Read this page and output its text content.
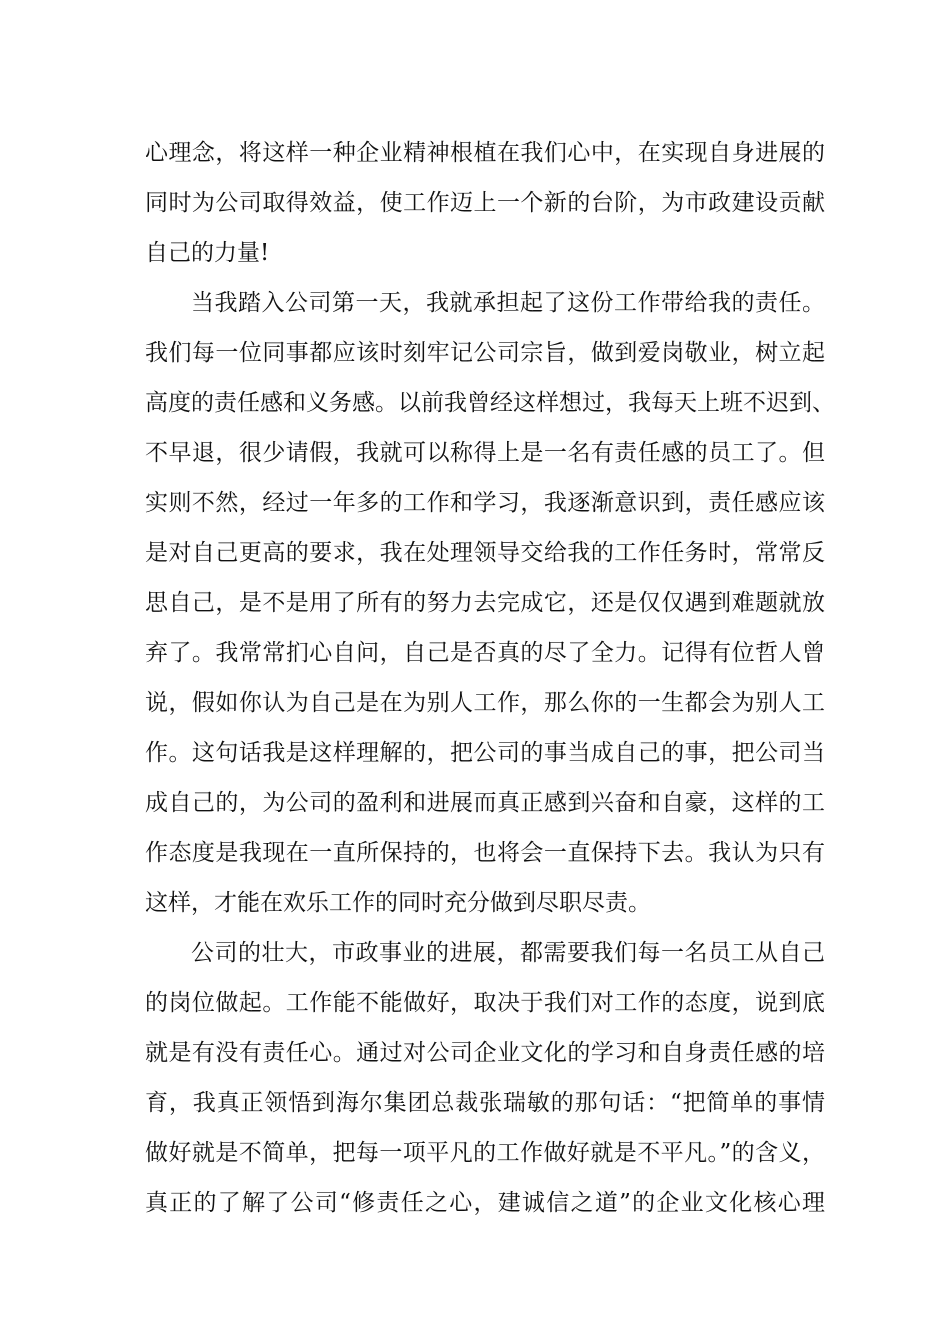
心理念，将这样一种企业精神根植在我们心中，在实现自身进展的
同时为公司取得效益，使工作迈上一个新的台阶，为市政建设贡献
自己的力量!
当我踏入公司第一天，我就承担起了这份工作带给我的责任。
我们每一位同事都应该时刻牢记公司宗旨，做到爱岗敬业，树立起
高度的责任感和义务感。以前我曾经这样想过，我每天上班不迟到、
不早退，很少请假，我就可以称得上是一名有责任感的员工了。但
实则不然，经过一年多的工作和学习，我逐渐意识到，责任感应该
是对自己更高的要求，我在处理领导交给我的工作任务时，常常反
思自己，是不是用了所有的努力去完成它，还是仅仅遇到难题就放
弃了。我常常扪心自问，自己是否真的尽了全力。记得有位哲人曾
说，假如你认为自己是在为别人工作，那么你的一生都会为别人工
作。这句话我是这样理解的，把公司的事当成自己的事，把公司当
成自己的，为公司的盈利和进展而真正感到兴奋和自豪，这样的工
作态度是我现在一直所保持的，也将会一直保持下去。我认为只有
这样，才能在欢乐工作的同时充分做到尽职尽责。
公司的壮大，市政事业的进展，都需要我们每一名员工从自己
的岗位做起。工作能不能做好，取决于我们对工作的态度，说到底
就是有没有责任心。通过对公司企业文化的学习和自身责任感的培
育，我真正领悟到海尔集团总裁张瑞敏的那句话：“把简单的事情
做好就是不简单，把每一项平凡的工作做好就是不平凡。”的含义，
真正的了解了公司“修责任之心，建诚信之道”的企业文化核心理
